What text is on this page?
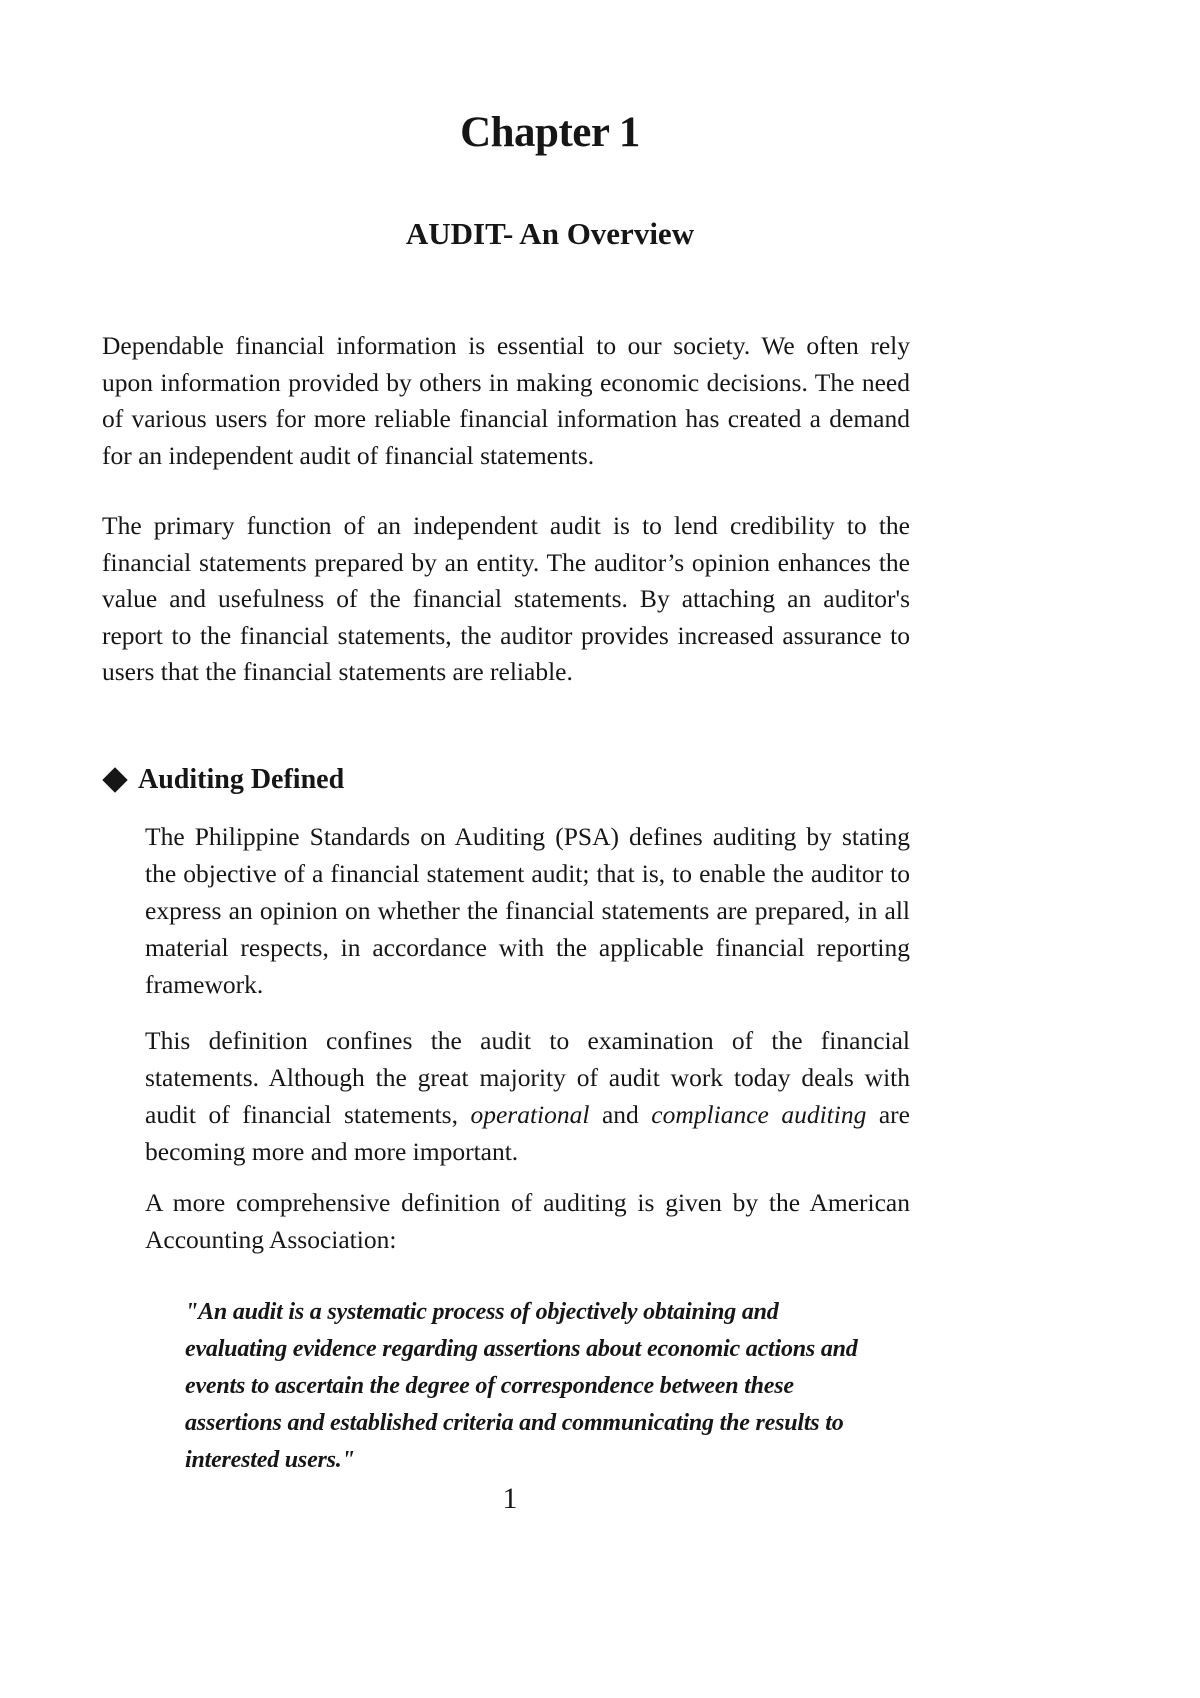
Chapter 1
AUDIT- An Overview

Dependable financial information is essential to our society. We often rely upon information provided by others in making economic decisions. The need of various users for more reliable financial information has created a demand for an independent audit of financial statements.

The primary function of an independent audit is to lend credibility to the financial statements prepared by an entity. The auditor’s opinion enhances the value and usefulness of the financial statements. By attaching an auditor's report to the financial statements, the auditor provides increased assurance to users that the financial statements are reliable.

Auditing Defined

The Philippine Standards on Auditing (PSA) defines auditing by stating the objective of a financial statement audit; that is, to enable the auditor to express an opinion on whether the financial statements are prepared, in all material respects, in accordance with the applicable financial reporting framework.

This definition confines the audit to examination of the financial statements. Although the great majority of audit work today deals with audit of financial statements, operational and compliance auditing are becoming more and more important.

A more comprehensive definition of auditing is given by the American Accounting Association:

"An audit is a systematic process of objectively obtaining and evaluating evidence regarding assertions about economic actions and events to ascertain the degree of correspondence between these assertions and established criteria and communicating the results to interested users."

1
